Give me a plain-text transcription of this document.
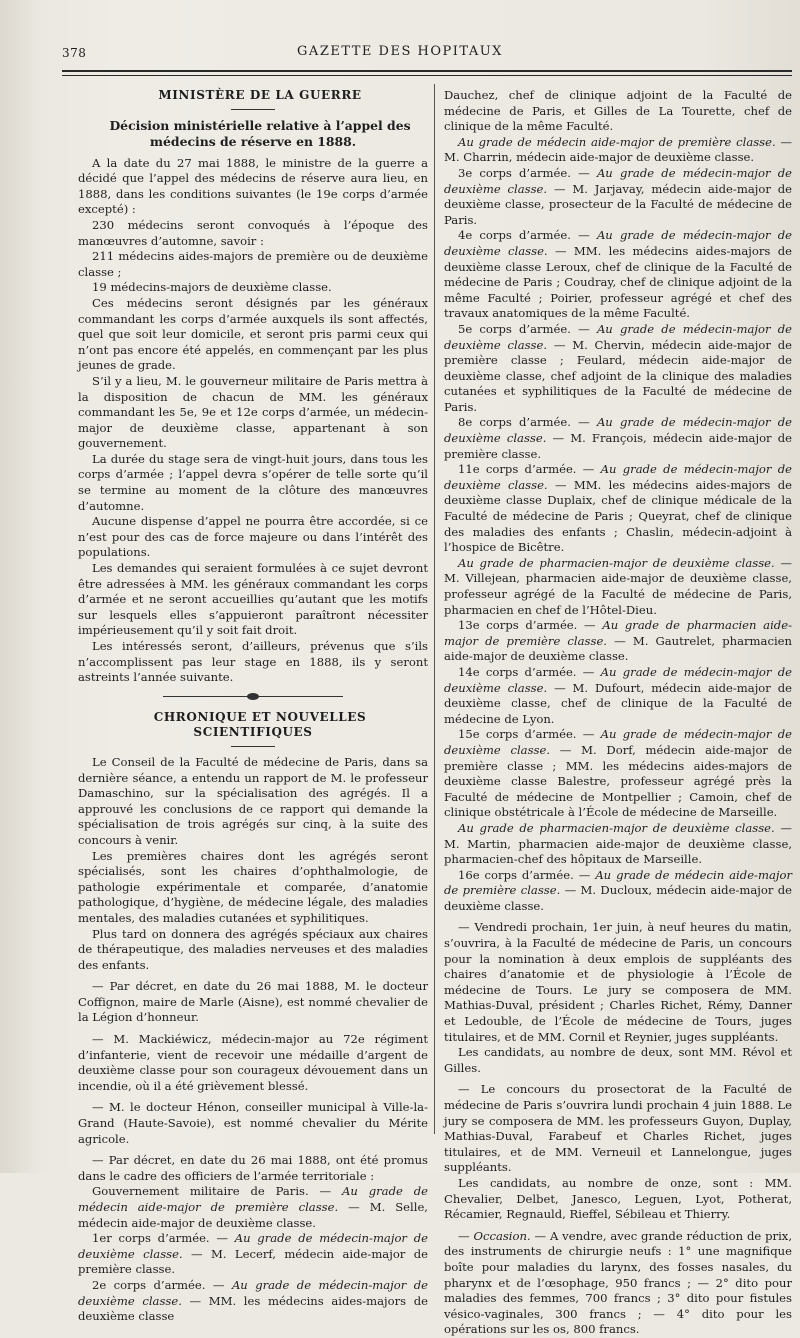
378	GAZETTE DES HOPITAUX

MINISTÈRE DE LA GUERRE

Décision ministérielle relative à l’appel des médecins de réserve en 1888.

A la date du 27 mai 1888, le ministre de la guerre a décidé que l’appel des médecins de réserve aura lieu, en 1888, dans les conditions suivantes (le 19e corps d’armée excepté) :

230 médecins seront convoqués à l’époque des manœuvres d’automne, savoir :

211 médecins aides-majors de première ou de deuxième classe ;

19 médecins-majors de deuxième classe.

Ces médecins seront désignés par les généraux commandant les corps d’armée auxquels ils sont affectés, quel que soit leur domicile, et seront pris parmi ceux qui n’ont pas encore été appelés, en commençant par les plus jeunes de grade.

S’il y a lieu, M. le gouverneur militaire de Paris mettra à la disposition de chacun de MM. les généraux commandant les 5e, 9e et 12e corps d’armée, un médecin-major de deuxième classe, appartenant à son gouvernement.

La durée du stage sera de vingt-huit jours, dans tous les corps d’armée ; l’appel devra s’opérer de telle sorte qu’il se termine au moment de la clôture des manœuvres d’automne.

Aucune dispense d’appel ne pourra être accordée, si ce n’est pour des cas de force majeure ou dans l’intérêt des populations.

Les demandes qui seraient formulées à ce sujet devront être adressées à MM. les généraux commandant les corps d’armée et ne seront accueillies qu’autant que les motifs sur lesquels elles s’appuieront paraîtront nécessiter impérieusement qu’il y soit fait droit.

Les intéressés seront, d’ailleurs, prévenus que s’ils n’accomplissent pas leur stage en 1888, ils y seront astreints l’année suivante.

CHRONIQUE ET NOUVELLES SCIENTIFIQUES

Le Conseil de la Faculté de médecine de Paris, dans sa dernière séance, a entendu un rapport de M. le professeur Damaschino, sur la spécialisation des agrégés. Il a approuvé les conclusions de ce rapport qui demande la spécialisation de trois agrégés sur cinq, à la suite des concours à venir.

Les premières chaires dont les agrégés seront spécialisés, sont les chaires d’ophthalmologie, de pathologie expérimentale et comparée, d’anatomie pathologique, d’hygiène, de médecine légale, des maladies mentales, des maladies cutanées et syphilitiques.

Plus tard on donnera des agrégés spéciaux aux chaires de thérapeutique, des maladies nerveuses et des maladies des enfants.

— Par décret, en date du 26 mai 1888, M. le docteur Coffignon, maire de Marle (Aisne), est nommé chevalier de la Légion d’honneur.

— M. Mackiéwicz, médecin-major au 72e régiment d’infanterie, vient de recevoir une médaille d’argent de deuxième classe pour son courageux dévouement dans un incendie, où il a été grièvement blessé.

— M. le docteur Hénon, conseiller municipal à Ville-la-Grand (Haute-Savoie), est nommé chevalier du Mérite agricole.

— Par décret, en date du 26 mai 1888, ont été promus dans le cadre des officiers de l’armée territoriale :

Gouvernement militaire de Paris. — Au grade de médecin aide-major de première classe. — M. Selle, médecin aide-major de deuxième classe.

1er corps d’armée. — Au grade de médecin-major de deuxième classe. — M. Lecerf, médecin aide-major de première classe.

2e corps d’armée. — Au grade de médecin-major de deuxième classe. — MM. les médecins aides-majors de deuxième classe

Dauchez, chef de clinique adjoint de la Faculté de médecine de Paris, et Gilles de La Tourette, chef de clinique de la même Faculté.

Au grade de médecin aide-major de première classe. — M. Charrin, médecin aide-major de deuxième classe.

3e corps d’armée. — Au grade de médecin-major de deuxième classe. — M. Jarjavay, médecin aide-major de deuxième classe, prosecteur de la Faculté de médecine de Paris.

4e corps d’armée. — Au grade de médecin-major de deuxième classe. — MM. les médecins aides-majors de deuxième classe Leroux, chef de clinique de la Faculté de médecine de Paris ; Coudray, chef de clinique adjoint de la même Faculté ; Poirier, professeur agrégé et chef des travaux anatomiques de la même Faculté.

5e corps d’armée. — Au grade de médecin-major de deuxième classe. — M. Chervin, médecin aide-major de première classe ; Feulard, médecin aide-major de deuxième classe, chef adjoint de la clinique des maladies cutanées et syphilitiques de la Faculté de médecine de Paris.

8e corps d’armée. — Au grade de médecin-major de deuxième classe. — M. François, médecin aide-major de première classe.

11e corps d’armée. — Au grade de médecin-major de deuxième classe. — MM. les médecins aides-majors de deuxième classe Duplaix, chef de clinique médicale de la Faculté de médecine de Paris ; Queyrat, chef de clinique des maladies des enfants ; Chaslin, médecin-adjoint à l’hospice de Bicêtre.

Au grade de pharmacien-major de deuxième classe. — M. Villejean, pharmacien aide-major de deuxième classe, professeur agrégé de la Faculté de médecine de Paris, pharmacien en chef de l’Hôtel-Dieu.

13e corps d’armée. — Au grade de pharmacien aide-major de première classe. — M. Gautrelet, pharmacien aide-major de deuxième classe.

14e corps d’armée. — Au grade de médecin-major de deuxième classe. — M. Dufourt, médecin aide-major de deuxième classe, chef de clinique de la Faculté de médecine de Lyon.

15e corps d’armée. — Au grade de médecin-major de deuxième classe. — M. Dorf, médecin aide-major de première classe ; MM. les médecins aides-majors de deuxième classe Balestre, professeur agrégé près la Faculté de médecine de Montpellier ; Camoin, chef de clinique obstétricale à l’École de médecine de Marseille.

Au grade de pharmacien-major de deuxième classe. — M. Martin, pharmacien aide-major de deuxième classe, pharmacien-chef des hôpitaux de Marseille.

16e corps d’armée. — Au grade de médecin aide-major de première classe. — M. Ducloux, médecin aide-major de deuxième classe.

— Vendredi prochain, 1er juin, à neuf heures du matin, s’ouvrira, à la Faculté de médecine de Paris, un concours pour la nomination à deux emplois de suppléants des chaires d’anatomie et de physiologie à l’École de médecine de Tours. Le jury se composera de MM. Mathias-Duval, président ; Charles Richet, Rémy, Danner et Ledouble, de l’École de médecine de Tours, juges titulaires, et de MM. Cornil et Reynier, juges suppléants.

Les candidats, au nombre de deux, sont MM. Révol et Gilles.

— Le concours du prosectorat de la Faculté de médecine de Paris s’ouvrira lundi prochain 4 juin 1888. Le jury se composera de MM. les professeurs Guyon, Duplay, Mathias-Duval, Farabeuf et Charles Richet, juges titulaires, et de MM. Verneuil et Lannelongue, juges suppléants.

Les candidats, au nombre de onze, sont : MM. Chevalier, Delbet, Janesco, Leguen, Lyot, Potherat, Récamier, Regnauld, Rieffel, Sébileau et Thierry.

— Occasion. — A vendre, avec grande réduction de prix, des instruments de chirurgie neufs : 1° une magnifique boîte pour maladies du larynx, des fosses nasales, du pharynx et de l’œsophage, 950 francs ; — 2° dito pour maladies des femmes, 700 francs ; 3° dito pour fistules vésico-vaginales, 300 francs ; — 4° dito pour les opérations sur les os, 800 francs.
